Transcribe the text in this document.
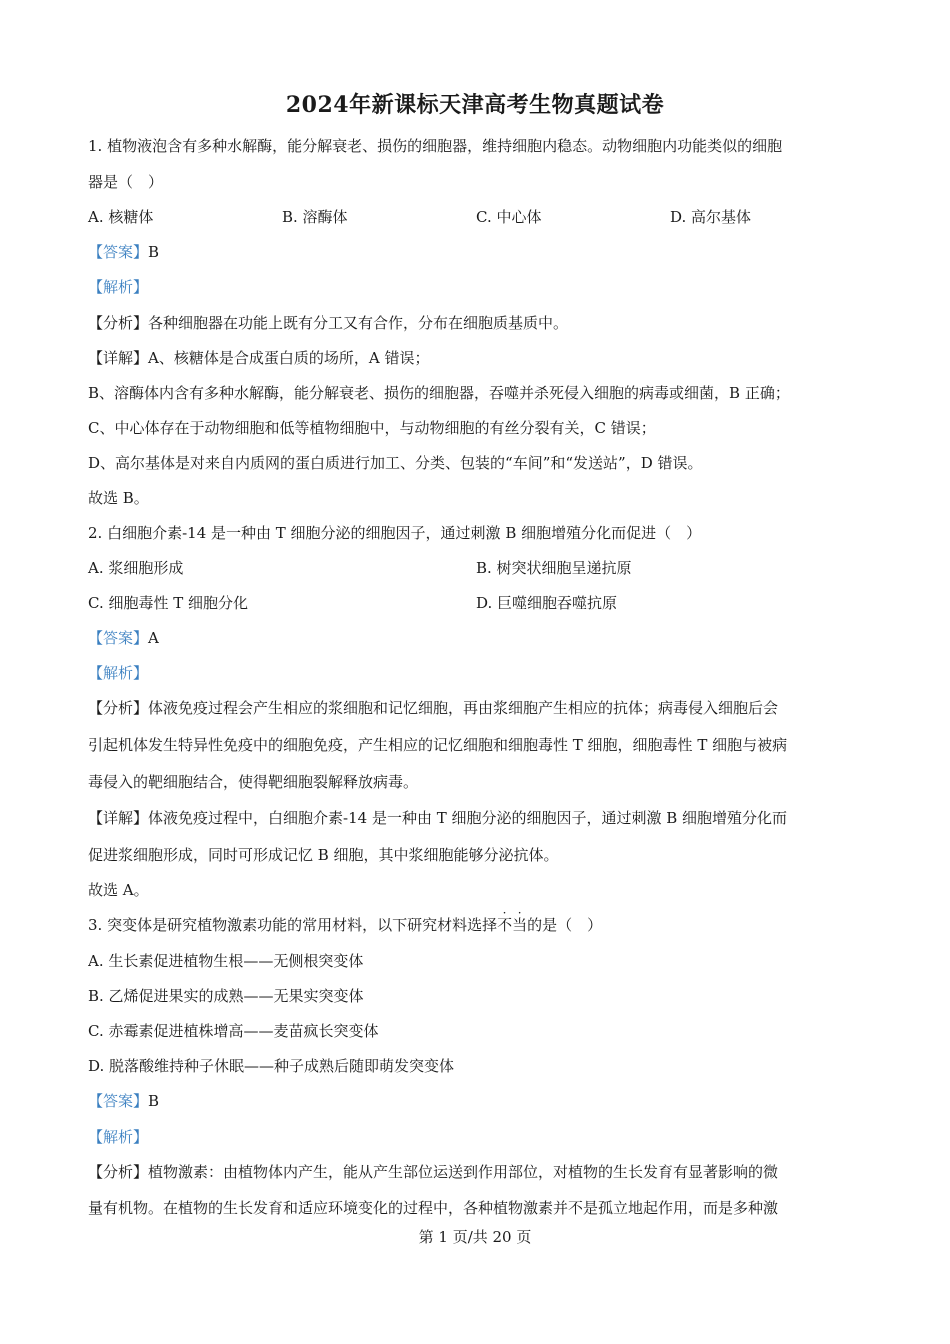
2024年新课标天津高考生物真题试卷
1. 植物液泡含有多种水解酶，能分解衰老、损伤的细胞器，维持细胞内稳态。动物细胞内功能类似的细胞
器是（　）
A. 核糖体	B. 溶酶体	C. 中心体	D. 高尔基体
【答案】B
【解析】
【分析】各种细胞器在功能上既有分工又有合作，分布在细胞质基质中。
【详解】A、核糖体是合成蛋白质的场所，A 错误；
B、溶酶体内含有多种水解酶，能分解衰老、损伤的细胞器，吞噬并杀死侵入细胞的病毒或细菌，B 正确；
C、中心体存在于动物细胞和低等植物细胞中，与动物细胞的有丝分裂有关，C 错误；
D、高尔基体是对来自内质网的蛋白质进行加工、分类、包装的“车间”和“发送站”，D 错误。
故选 B。
2. 白细胞介素-14 是一种由 T 细胞分泌的细胞因子，通过刺激 B 细胞增殖分化而促进（　）
A. 浆细胞形成	B. 树突状细胞呈递抗原
C. 细胞毒性 T 细胞分化	D. 巨噬细胞吞噬抗原
【答案】A
【解析】
【分析】体液免疫过程会产生相应的浆细胞和记忆细胞，再由浆细胞产生相应的抗体；病毒侵入细胞后会
引起机体发生特异性免疫中的细胞免疫，产生相应的记忆细胞和细胞毒性 T 细胞，细胞毒性 T 细胞与被病
毒侵入的靶细胞结合，使得靶细胞裂解释放病毒。
【详解】体液免疫过程中，白细胞介素-14 是一种由 T 细胞分泌的细胞因子，通过刺激 B 细胞增殖分化而
促进浆细胞形成，同时可形成记忆 B 细胞，其中浆细胞能够分泌抗体。
故选 A。
3. 突变体是研究植物激素功能的常用材料，以下研究材料选择
·
不
·
当的是（　）
A. 生长素促进植物生根——无侧根突变体
B. 乙烯促进果实的成熟——无果实突变体
C. 赤霉素促进植株增高——麦苗疯长突变体
D. 脱落酸维持种子休眠——种子成熟后随即萌发突变体
【答案】B
【解析】
【分析】植物激素：由植物体内产生，能从产生部位运送到作用部位，对植物的生长发育有显著影响的微
量有机物。在植物的生长发育和适应环境变化的过程中，各种植物激素并不是孤立地起作用，而是多种激
第 1 页/共 20 页
